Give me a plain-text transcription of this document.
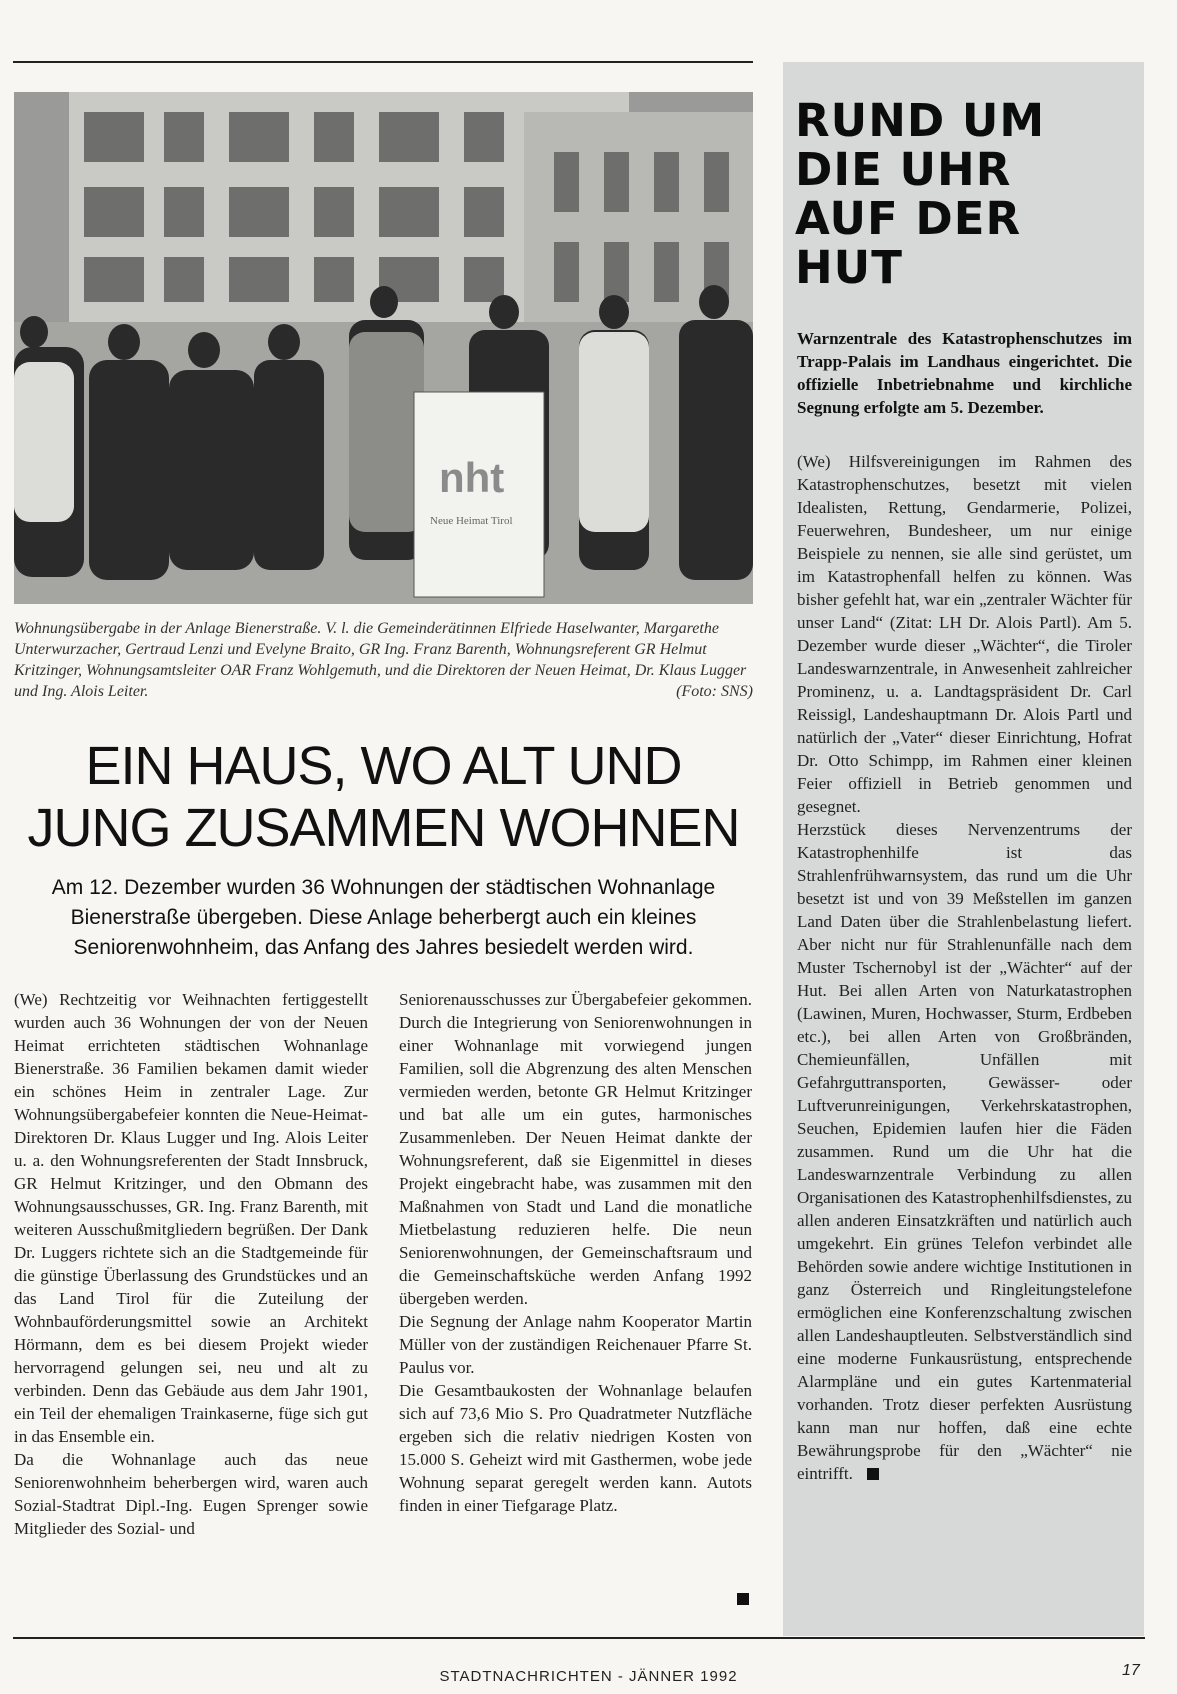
nht
Neue Heimat Tirol
Wohnungsübergabe in der Anlage Bienerstraße. V. l. die Gemeinderätinnen Elfriede Haselwanter, Margarethe Unterwurzacher, Gertraud Lenzi und Evelyne Braito, GR Ing. Franz Barenth, Wohnungsreferent GR Helmut Kritzinger, Wohnungsamtsleiter OAR Franz Wohlgemuth, und die Direktoren der Neuen Heimat, Dr. Klaus Lugger und Ing. Alois Leiter.	(Foto: SNS)
EIN HAUS, WO ALT UND
JUNG ZUSAMMEN WOHNEN
Am 12. Dezember wurden 36 Wohnungen der städtischen Wohnanlage Bienerstraße übergeben. Diese Anlage beherbergt auch ein kleines Seniorenwohnheim, das Anfang des Jahres besiedelt werden wird.

(We) Rechtzeitig vor Weihnachten fertiggestellt wurden auch 36 Wohnungen der von der Neuen Heimat errichteten städtischen Wohnanlage Bienerstraße. 36 Familien bekamen damit wieder ein schönes Heim in zentraler Lage. Zur Wohnungsübergabefeier konnten die Neue-Heimat-Direktoren Dr. Klaus Lugger und Ing. Alois Leiter u. a. den Wohnungsreferenten der Stadt Innsbruck, GR Helmut Kritzinger, und den Obmann des Wohnungsausschusses, GR. Ing. Franz Barenth, mit weiteren Ausschußmitgliedern begrüßen. Der Dank Dr. Luggers richtete sich an die Stadtgemeinde für die günstige Überlassung des Grundstückes und an das Land Tirol für die Zuteilung der Wohnbauförderungsmittel sowie an Architekt Hörmann, dem es bei diesem Projekt wieder hervorragend gelungen sei, neu und alt zu verbinden. Denn das Gebäude aus dem Jahr 1901, ein Teil der ehemaligen Trainkaserne, füge sich gut in das Ensemble ein.

Da die Wohnanlage auch das neue Seniorenwohnheim beherbergen wird, waren auch Sozial-Stadtrat Dipl.-Ing. Eugen Sprenger sowie Mitglieder des Sozial- und

Seniorenausschusses zur Übergabefeier gekommen. Durch die Integrierung von Seniorenwohnungen in einer Wohnanlage mit vorwiegend jungen Familien, soll die Abgrenzung des alten Menschen vermieden werden, betonte GR Helmut Kritzinger und bat alle um ein gutes, harmonisches Zusammenleben. Der Neuen Heimat dankte der Wohnungsreferent, daß sie Eigenmittel in dieses Projekt eingebracht habe, was zusammen mit den Maßnahmen von Stadt und Land die monatliche Mietbelastung reduzieren helfe. Die neun Seniorenwohnungen, der Gemeinschaftsraum und die Gemeinschaftsküche werden Anfang 1992 übergeben werden.

Die Segnung der Anlage nahm Kooperator Martin Müller von der zuständigen Reichenauer Pfarre St. Paulus vor.

Die Gesamtbaukosten der Wohnanlage belaufen sich auf 73,6 Mio S. Pro Quadratmeter Nutzfläche ergeben sich die relativ niedrigen Kosten von 15.000 S. Geheizt wird mit Gasthermen, wobe jede Wohnung separat geregelt werden kann. Autots finden in einer Tiefgarage Platz.

RUND UM
DIE UHR
AUF DER
HUT
Warnzentrale des Katastrophenschutzes im Trapp-Palais im Landhaus eingerichtet. Die offizielle Inbetriebnahme und kirchliche Segnung erfolgte am 5. Dezember.

(We) Hilfsvereinigungen im Rahmen des Katastrophenschutzes, besetzt mit vielen Idealisten, Rettung, Gendarmerie, Polizei, Feuerwehren, Bundesheer, um nur einige Beispiele zu nennen, sie alle sind gerüstet, um im Katastrophenfall helfen zu können. Was bisher gefehlt hat, war ein „zentraler Wächter für unser Land“ (Zitat: LH Dr. Alois Partl). Am 5. Dezember wurde dieser „Wächter“, die Tiroler Landeswarnzentrale, in Anwesenheit zahlreicher Prominenz, u. a. Landtagspräsident Dr. Carl Reissigl, Landeshauptmann Dr. Alois Partl und natürlich der „Vater“ dieser Einrichtung, Hofrat Dr. Otto Schimpp, im Rahmen einer kleinen Feier offiziell in Betrieb genommen und gesegnet.

Herzstück dieses Nervenzentrums der Katastrophenhilfe ist das Strahlenfrühwarnsystem, das rund um die Uhr besetzt ist und von 39 Meßstellen im ganzen Land Daten über die Strahlenbelastung liefert. Aber nicht nur für Strahlenunfälle nach dem Muster Tschernobyl ist der „Wächter“ auf der Hut. Bei allen Arten von Naturkatastrophen (Lawinen, Muren, Hochwasser, Sturm, Erdbeben etc.), bei allen Arten von Großbränden, Chemieunfällen, Unfällen mit Gefahrguttransporten, Gewässer- oder Luftverunreinigungen, Verkehrskatastrophen, Seuchen, Epidemien laufen hier die Fäden zusammen. Rund um die Uhr hat die Landeswarnzentrale Verbindung zu allen Organisationen des Katastrophenhilfsdienstes, zu allen anderen Einsatzkräften und natürlich auch umgekehrt. Ein grünes Telefon verbindet alle Behörden sowie andere wichtige Institutionen in ganz Österreich und Ringleitungstelefone ermöglichen eine Konferenzschaltung zwischen allen Landeshauptleuten. Selbstverständlich sind eine moderne Funkausrüstung, entsprechende Alarmpläne und ein gutes Kartenmaterial vorhanden. Trotz dieser perfekten Ausrüstung kann man nur hoffen, daß eine echte Bewährungsprobe für den „Wächter“ nie eintrifft.

STADTNACHRICHTEN - JÄNNER 1992	17
